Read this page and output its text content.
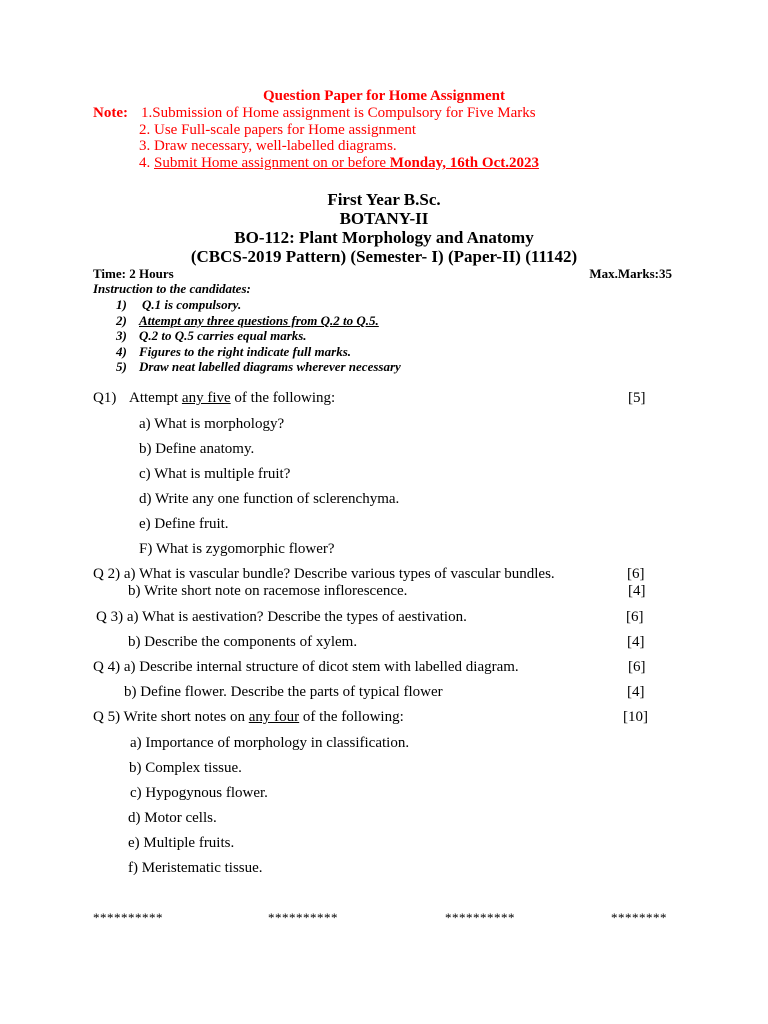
Question Paper for Home Assignment
Note: 1.Submission of Home assignment is Compulsory for Five Marks
2. Use Full-scale papers for Home assignment
3. Draw necessary, well-labelled diagrams.
4. Submit Home assignment on or before Monday, 16th Oct.2023
First Year B.Sc.
BOTANY-II
BO-112: Plant Morphology and Anatomy
(CBCS-2019 Pattern) (Semester- I) (Paper-II) (11142)
Time: 2 Hours	Max.Marks:35
Instruction to the candidates:
1) Q.1 is compulsory.
2) Attempt any three questions from Q.2 to Q.5.
3) Q.2 to Q.5 carries equal marks.
4) Figures to the right indicate full marks.
5) Draw neat labelled diagrams wherever necessary
Q1) Attempt any five of the following:	[5]
a) What is morphology?
b) Define anatomy.
c) What is multiple fruit?
d) Write any one function of sclerenchyma.
e) Define fruit.
F) What is zygomorphic flower?
Q 2) a) What is vascular bundle? Describe various types of vascular bundles.	[6]
b) Write short note on racemose inflorescence.	[4]
Q 3) a) What is aestivation? Describe the types of aestivation.	[6]
b) Describe the components of xylem.	[4]
Q 4) a) Describe internal structure of dicot stem with labelled diagram.	[6]
b) Define flower. Describe the parts of typical flower	[4]
Q 5) Write short notes on any four of the following:	[10]
a) Importance of morphology in classification.
b) Complex tissue.
c) Hypogynous flower.
d) Motor cells.
e) Multiple fruits.
f) Meristematic tissue.
**********	**********	**********	********
